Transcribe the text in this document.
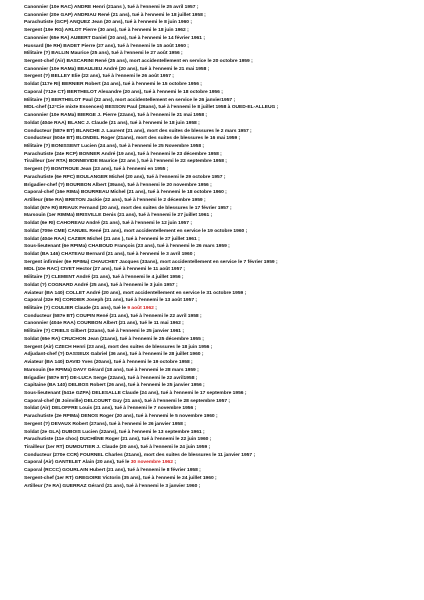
Canonnier (10e RAC) ANDRE Henri (21ans ), tué à l'ennemi le 25 avril 1957 ;
Canonnier (20e GAP) ANDRIAU René (21 ans), tué à l'ennemi le 18 juillet 1958 ;
Parachutiste (GCP) ANQUEZ Jean (20 ans), tué à l'ennemi le 8 juin 1960 ;
Sergent (19e RG) ARLOT Pierre (30 ans), tué à l'ennemi le 18 juin 1962 ;
Canonnier (65e RA) AUBERT Daniel (20 ans), tué à l'ennemi le 14 février 1961 ;
Hussard (8e RH) BADET Pierre (27 ans), tué à l'ennemi le 15 août 1960 ;
Militaire (?) BALLIN Maurice (25 ans), tué à l'ennemi le 27 août 1956 ;
Sergent-chef (Air) BASCARINI René (25 ans), mort accidentellement en service le 20 octobre 1959 ;
Canonnier (10e RAMa) BEAULIEU André (20 ans), tué à l'ennemi le 21 mai 1958 ;
Sergent (?) BELLEY Elie (22 ans), tué à l'ennemi le 26 août 1957 ;
Soldat (117e RI) BERNIER Robert (24 ans), tué à l'ennemi le 15 octobre 1956 ;
Caporal (?12e CT) BERTHELOT Alexandre (20 ans), tué à l'ennemi le 18 octobre 1956 ;
Militaire (?) BERTHELOT Paul (22 ans), mort accidentellement en service le 26 janvier1957 ;
MDL-chef (12°Cie mixte Essences) BESSON Paul (26ans), tué à l'ennemi le 8 juillet 1958 à OUED-EL-ALLEUG ;
Canonnier (10e RAMa) BIERGE J. Pierre (22ans), tué à l'ennemi le 21 mai 1958 ;
Soldat (404e RAA) BLANC J. Claude (21 ans), tué à l'ennemi le 18 juin 1958 ;
Conducteur (587e BT) BLANCHE J. Laurent (21 ans), mort des suites de blessures le 2 mars 1957 ;
Conducteur (504e BT) BLONDEL Roger (21ans), mort des suites de blessures le 16 mai 1959 ;
Militaire (?) BONISSENT Lucien (24 ans), tué à l'ennemi le 25 Novembre 1958 ;
Parachutiste (24e RCP) BONNER André (19 ans), tué à l'ennemi le 23 décembre 1958 ;
Tirailleur (1er RTA) BONNEVIDE Maurice (22 ans ), tué à l'ennemi le 22 septembre 1958 ;
Sergent (?) BONTROUE Jean (23 ans), tué à l'ennemi en 1955 ;
Parachutiste (6e RPC) BOULANGER Michel (20 ans), tué à l'ennemi le 29 octobre 1957 ;
Brigadier-chef (?) BOURBON Albert (39ans), tué à l'ennemi le 20 novembre 1956 ;
Caporal-chef (16e RIMa) BOURREAU Michel (21 ans), tué à l'ennemi le 18 octobre 1960 ;
Artilleur (65e RA) BRETON Jackie (22 ans), tué à l'ennemi le 2 décembre 1959 ;
Soldat (67e RI) BRIAUX Fernand (20 ans), mort des suites de blessures le 17 février 1957 ;
Marsouin (1er RIMMa) BRISVILLE Denis (21 ans), tué à l'ennemi le 27 juillet 1961 ;
Soldat (6e RI) CAHOREAU André (21 ans), tué à l'ennemi le 12 juin 1957 ;
Soldat (709e CME) CANUEL René (21 ans), mort accidentellement en service le 19 octobre 1960 ;
Soldat (404e RAA) CAZIER Michel (21 ans ), tué à l'ennemi le 27 juillet 1961 ;
Sous-lieutenant (6e RPIMa) CHABOUD François (23 ans), tué à l'ennemi le 26 mars 1959 ;
Soldat (BA 146) CHATEAU Bernard (21 ans), tué à l'ennemi le 3 avril 1960 ;
Sergent infirmier (6e RPIMa) CHAUCHET Jacques (33ans), mort accidentellement en service le 7 février 1959 ;
MDL (10e RAC) CIVET Hector (27 ans), tué à l'ennemi le 11 août 1957 ;
Militaire (?) CLEMENT André (21 ans), tué à l'ennemi le 4 juillet 1956 ;
Soldat (?) COGNARD André (25 ans), tué à l'ennemi le 3 juin 1957 ;
Aviateur (BA 140) COLLET André (20 ans), mort accidentellement en service le 31 octobre 1959 ;
Caporal (32e RI) CORDIER Joseph (21 ans), tué à l'ennemi le 13 août 1957 ;
Militaire (?) COULIER Claude (21 ans), tué le 9 août 1962 ;
Conducteur (587e BT) COUPIN René (21 ans), tué à l'ennemi le 22 avril 1958 ;
Canonnier (404e RAA) COURBON Albert (21 ans), tué le 11 mai 1962 ;
Militaire (?) CRIELS Gilbert (22ans), tué à l'ennemi le 25 janvier 1961 ;
Soldat (65e RA) CRUCHON Jean (21ans), tué à l'ennemi le 25 décembre 1955 ;
Sergent (Air) CZECH Henri (23 ans), mort des suites de blessures le 18 juin 1956 ;
Adjudant-chef (?) DASSEUX Gabriel (36 ans), tué à l'ennemi le 28 juillet 1960 ;
Aviateur (BA 140) DAVID Yves (20ans), tué à l'ennemi le 19 octobre 1958 ;
Marsouin (6e RPIMa) DAVY Gérard (18 ans), tué à l'ennemi le 28 mars 1959 ;
Brigadier (587e BT) DE-LUCA Serge (22ans), tué à l'ennemi le 22 avril1958 ;
Capitaine (BA 140) DELBOS Robert (26 ans), tué à l'ennemi le 25 janvier 1956 ;
Sous-lieutenant (541e GZPA) DELESALLE Claude (24 ans), tué à l'ennemi le 17 septembre 1956 ;
Caporal-chef (B Joinville) DELCOURT Guy (21 ans), tué à l'ennemi le 28 septembre 1957 ;
Soldat (Air) DELOFFRE Louis (21 ans), tué à l'ennemi le 7 novembre 1956 ;
Parachutiste (2e RPIMa) DENOS Roger (20 ans), tué à l'ennemi le 5 novembre 1960 ;
Sergent (?) DEVAUX Robert (27ans), tué à l'ennemi le 26 janvier 1958 ;
Soldat (2e GLA) DUBOIS Lucien (22ans), tué à l'ennemi le 13 septembre 1961 ;
Parachutiste (11e choc) DUCHÊNE Roger (21 ans), tué à l'ennemi le 22 juin 1960 ;
Tirailleur (1er RT) DUMOUTIER J. Claude (20 ans), tué à l'ennemi le 24 juin 1959 ;
Conducteur (270e CCR) FOURNEL Charles (21ans), mort des suites de blessures le 11 janvier 1957 ;
Caporal (Air) GANTELET Alain (20 ans), tué le 30 novembre 1962 ;
Caporal (RCCC) GOURLAIN Hubert (21 ans), tué à l'ennemi le 8 février 1958 ;
Sergent-chef (1er RT) GREGOIRE Victorin (35 ans), tué à l'ennemi le 24 juillet 1960 ;
Artilleur (7e RA) GUERRAZ Gérard (21 ans), tué à l'ennemi le 3 janvier 1960 ;
